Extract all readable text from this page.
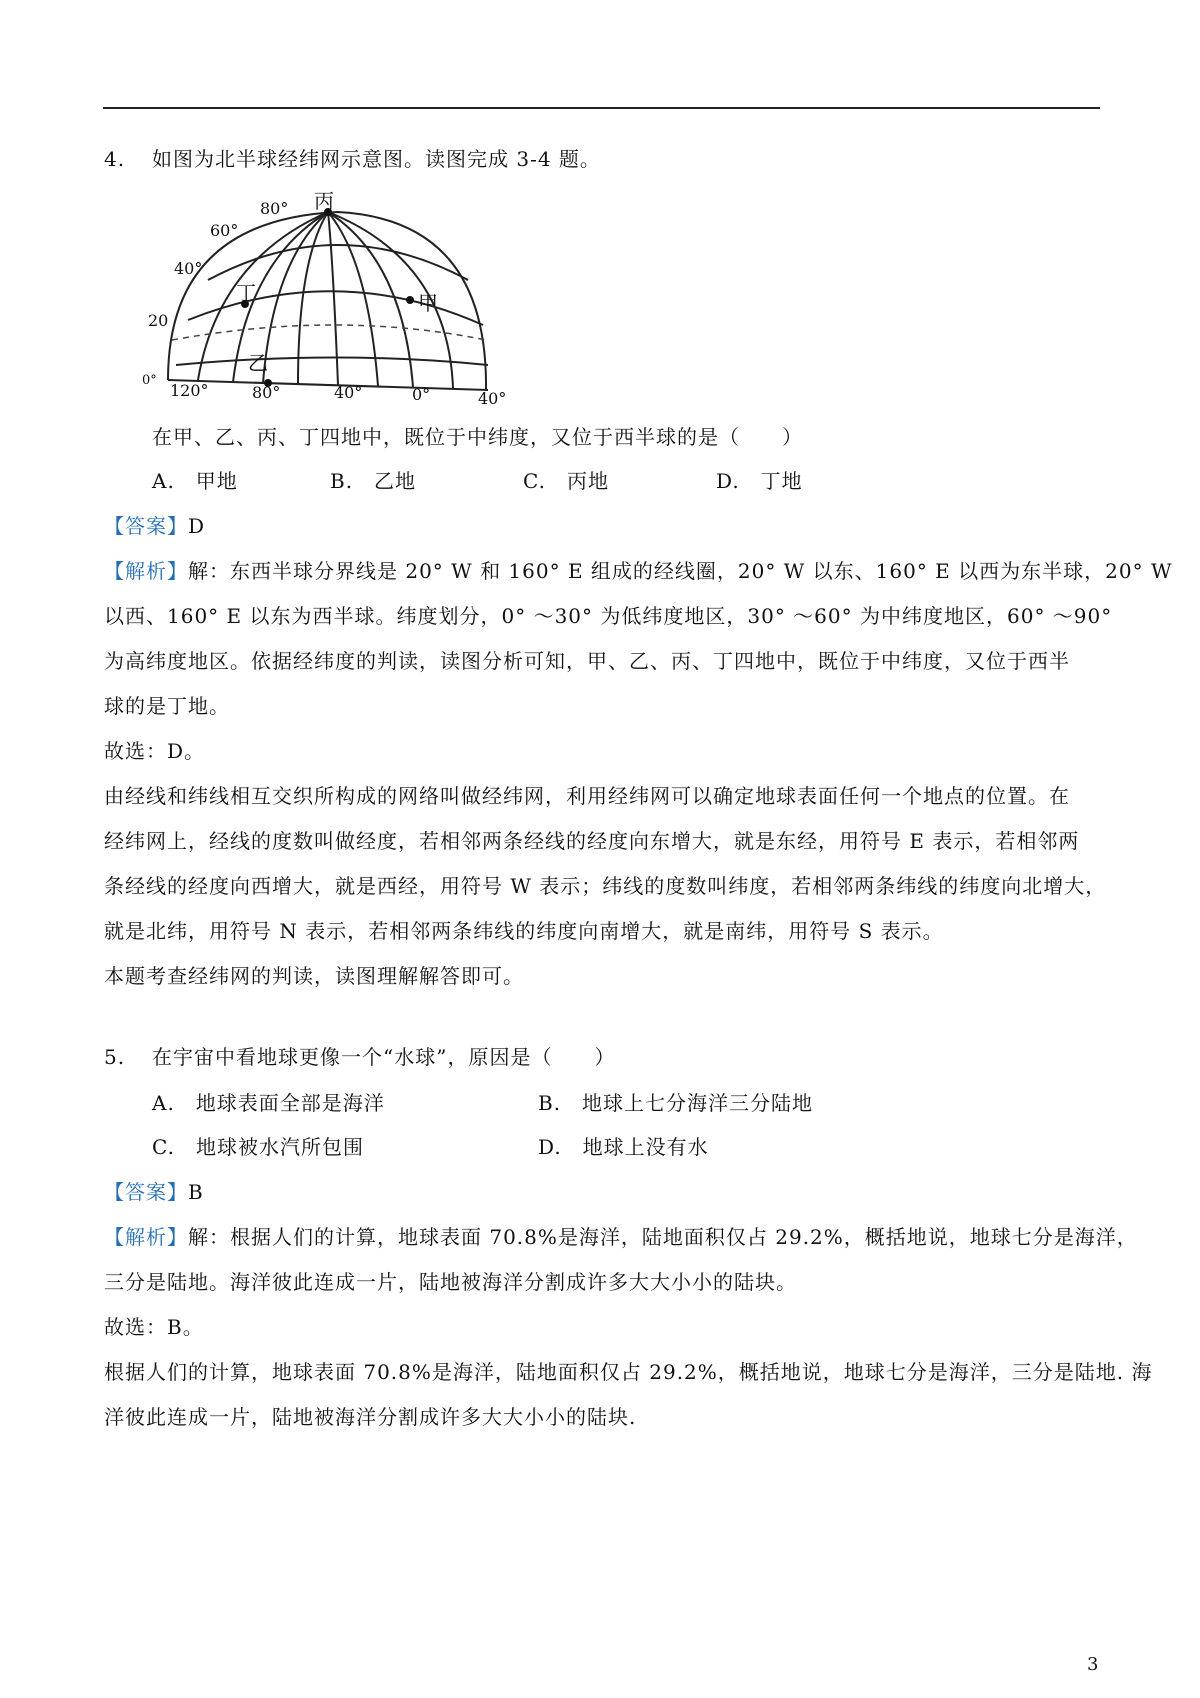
4. 如图为北半球经纬网示意图。读图完成 3-4 题。
80° 丙
60°
40°
丁	甲
20
乙
0°
120°	80°	40°	0°	40°
在甲、乙、丙、丁四地中，既位于中纬度，又位于西半球的是（　　）
A.　甲地	B.　乙地	C.　丙地	D.　丁地
【答案】D
【解析】解：东西半球分界线是 20° W 和 160° E 组成的经线圈，20° W 以东、160° E 以西为东半球，20° W
以西、160° E 以东为西半球。纬度划分，0° ～30° 为低纬度地区，30° ～60° 为中纬度地区，60° ～90°
为高纬度地区。依据经纬度的判读，读图分析可知，甲、乙、丙、丁四地中，既位于中纬度，又位于西半
球的是丁地。
故选：D。
由经线和纬线相互交织所构成的网络叫做经纬网，利用经纬网可以确定地球表面任何一个地点的位置。在
经纬网上，经线的度数叫做经度，若相邻两条经线的经度向东增大，就是东经，用符号 E 表示，若相邻两
条经线的经度向西增大，就是西经，用符号 W 表示；纬线的度数叫纬度，若相邻两条纬线的纬度向北增大，
就是北纬，用符号 N 表示，若相邻两条纬线的纬度向南增大，就是南纬，用符号 S 表示。
本题考查经纬网的判读，读图理解解答即可。
5. 在宇宙中看地球更像一个“水球”，原因是（　　）
A.　地球表面全部是海洋	B.　地球上七分海洋三分陆地
C.　地球被水汽所包围	D.　地球上没有水
【答案】B
【解析】解：根据人们的计算，地球表面 70.8%是海洋，陆地面积仅占 29.2%，概括地说，地球七分是海洋，
三分是陆地。海洋彼此连成一片，陆地被海洋分割成许多大大小小的陆块。
故选：B。
根据人们的计算，地球表面 70.8%是海洋，陆地面积仅占 29.2%，概括地说，地球七分是海洋，三分是陆地. 海
洋彼此连成一片，陆地被海洋分割成许多大大小小的陆块.
3
